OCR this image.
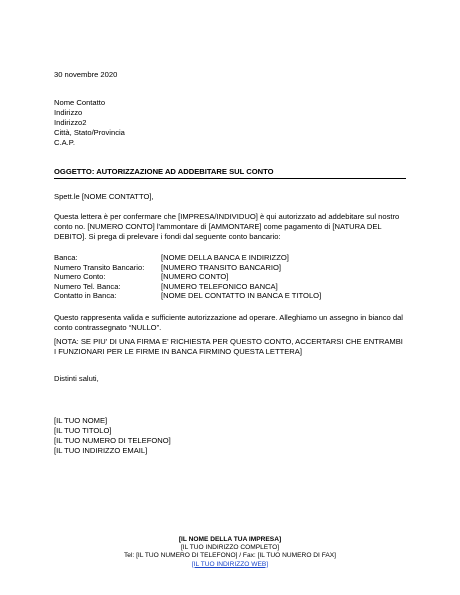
30 novembre 2020
Nome Contatto
Indirizzo
Indirizzo2
Città, Stato/Provincia
C.A.P.
OGGETTO: AUTORIZZAZIONE AD ADDEBITARE SUL CONTO
Spett.le [NOME CONTATTO],
Questa lettera è per confermare che [IMPRESA/INDIVIDUO] è qui autorizzato ad addebitare sul nostro conto no. [NUMERO CONTO] l'ammontare di [AMMONTARE] come pagamento di [NATURA DEL DEBITO]. Si prega di prelevare i fondi dal seguente conto bancario:
Banca:	[NOME DELLA BANCA E INDIRIZZO]
Numero Transito Bancario:	[NUMERO TRANSITO BANCARIO]
Numero Conto:	[NUMERO CONTO]
Numero Tel. Banca:	[NUMERO TELEFONICO BANCA]
Contatto in Banca:	[NOME DEL CONTATTO IN BANCA E TITOLO]
Questo rappresenta valida e sufficiente autorizzazione ad operare. Alleghiamo un assegno in bianco dal conto contrassegnato “NULLO”.
[NOTA: SE PIU' DI UNA FIRMA E' RICHIESTA PER QUESTO CONTO, ACCERTARSI CHE ENTRAMBI I FUNZIONARI PER LE FIRME IN BANCA FIRMINO QUESTA LETTERA]
Distinti saluti,
[IL TUO NOME]
[IL TUO TITOLO]
[IL TUO NUMERO DI TELEFONO]
[IL TUO INDIRIZZO EMAIL]
[IL NOME DELLA TUA IMPRESA]
[IL TUO INDIRIZZO COMPLETO]
Tel: [IL TUO NUMERO DI TELEFONO] / Fax: [IL TUO NUMERO DI FAX]
[IL TUO INDIRIZZO WEB]
